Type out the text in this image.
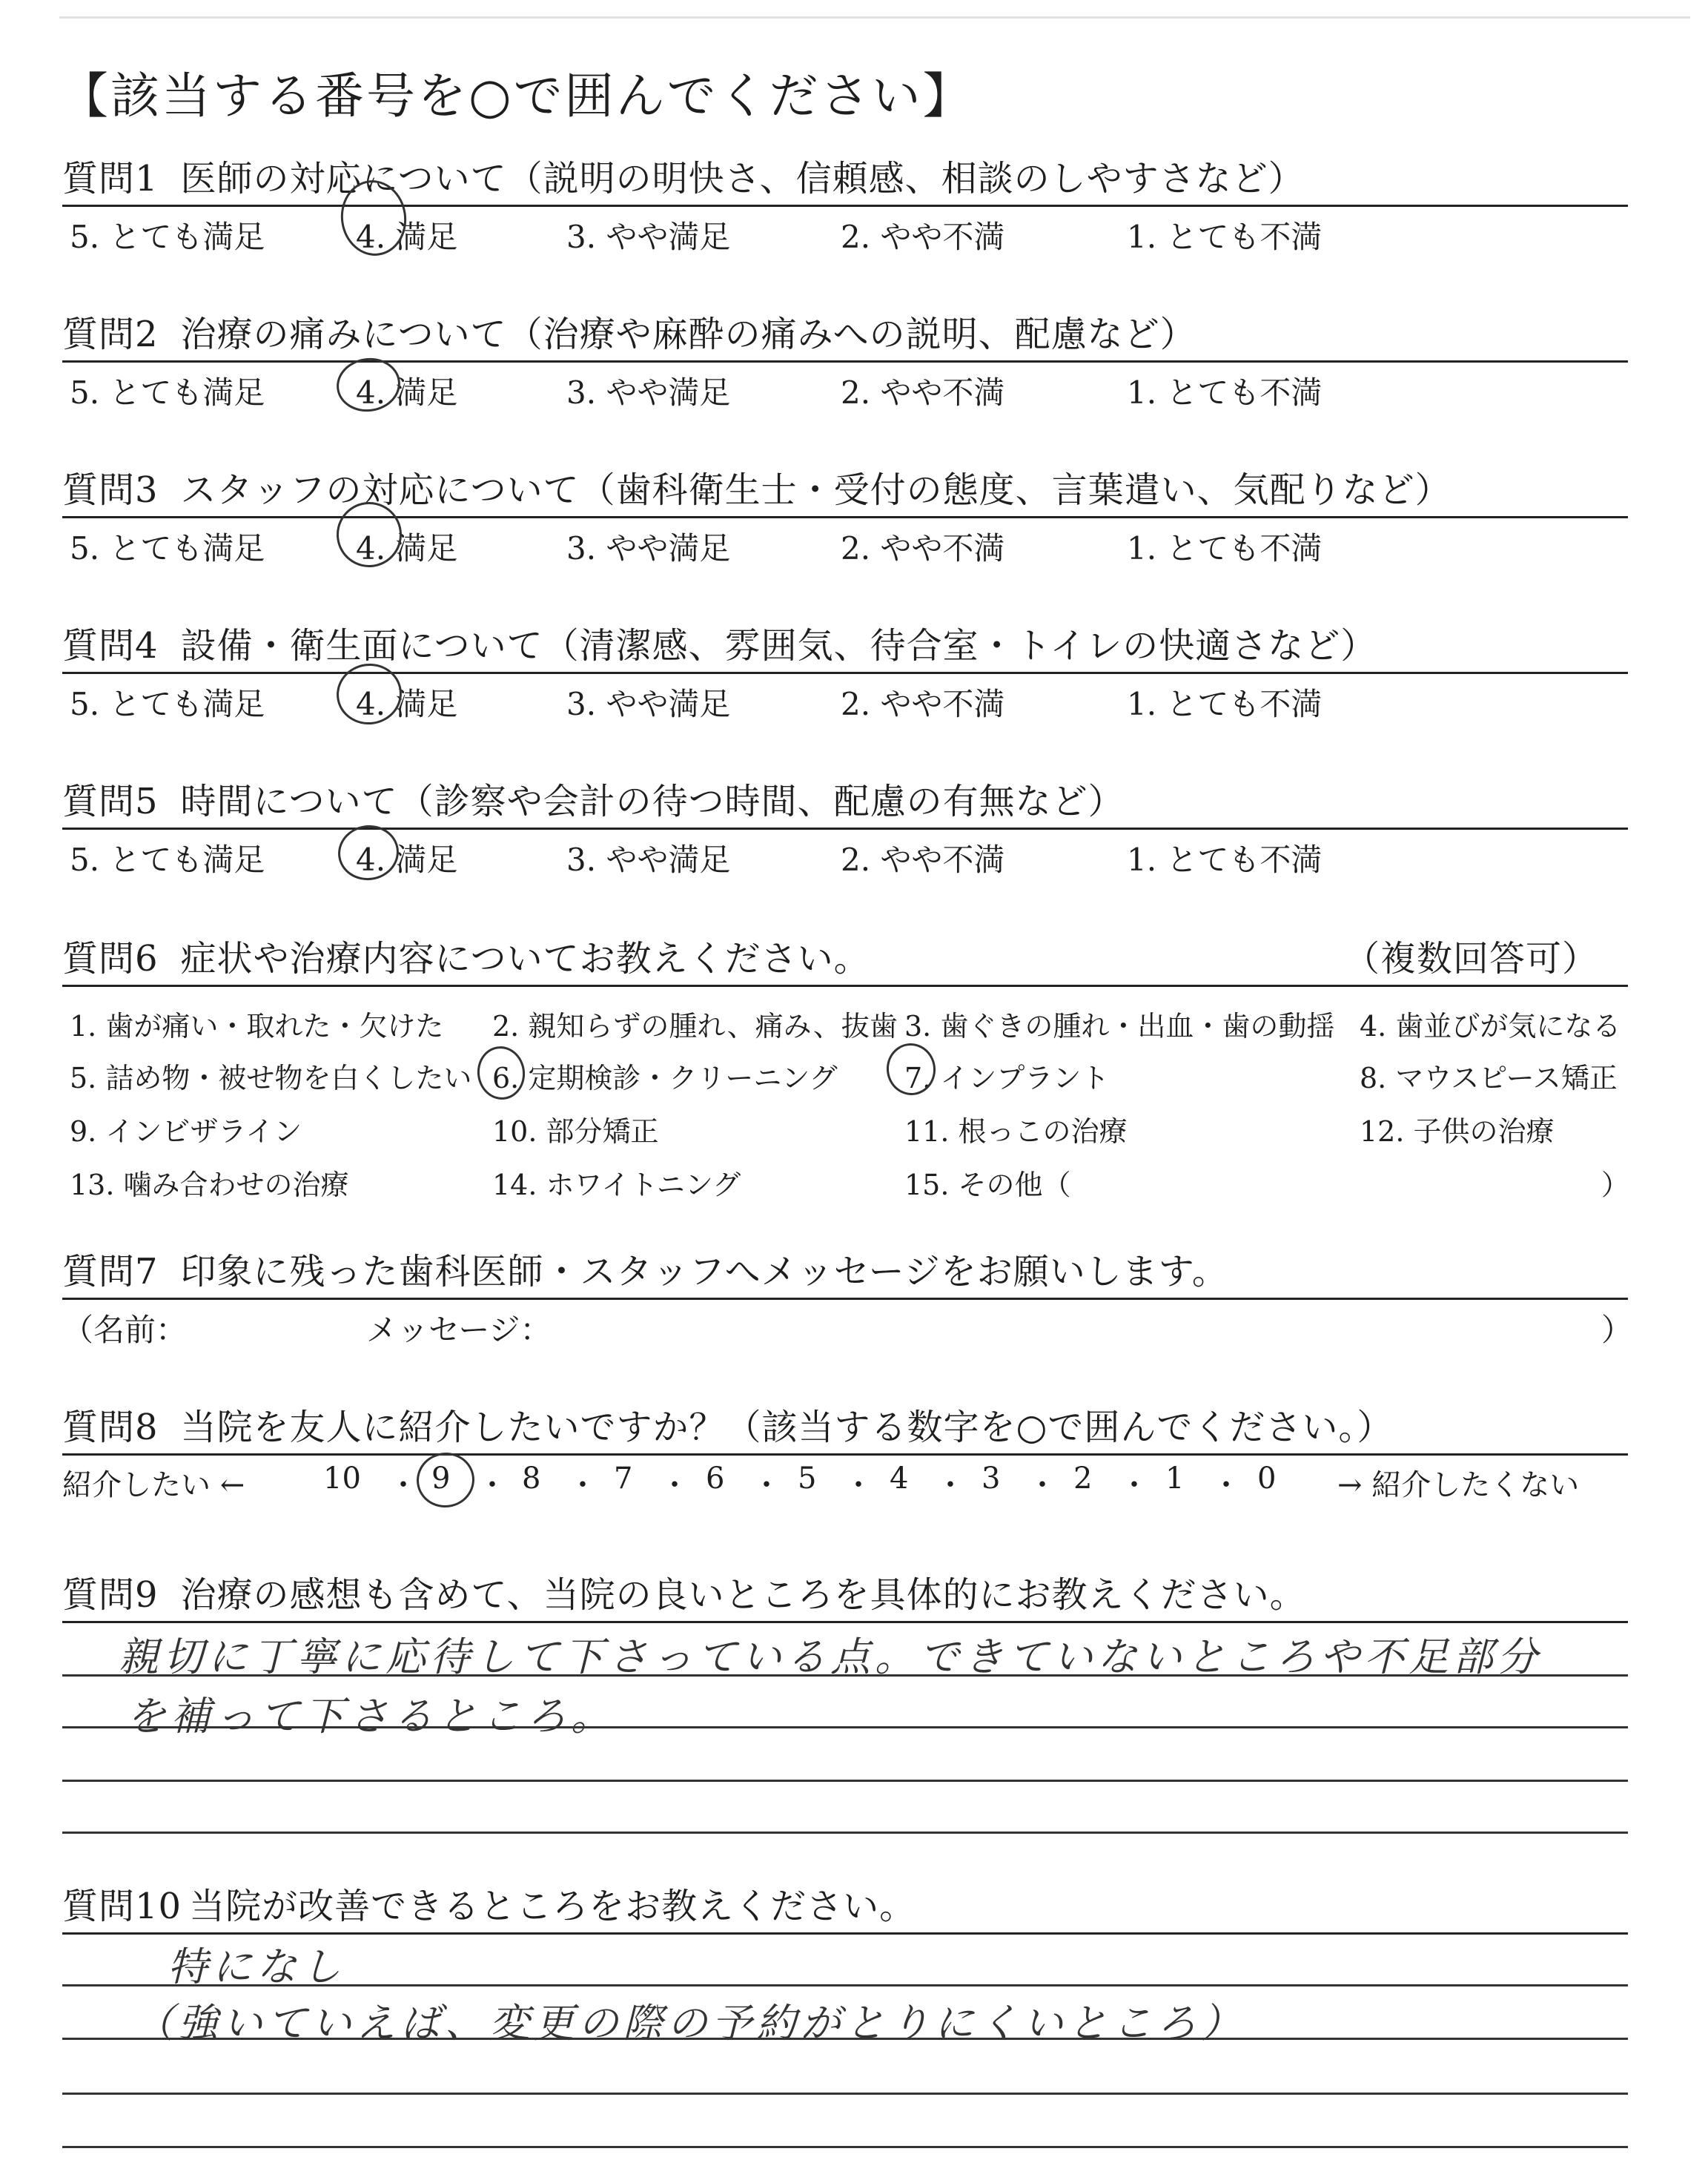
【該当する番号を○で囲んでください】
質問1 医師の対応について（説明の明快さ、信頼感、相談のしやすさなど）
5. とても満足	4. 満足	3. やや満足	2. やや不満	1. とても不満
質問2 治療の痛みについて（治療や麻酔の痛みへの説明、配慮など）
5. とても満足	4. 満足	3. やや満足	2. やや不満	1. とても不満
質問3 スタッフの対応について（歯科衛生士・受付の態度、言葉遣い、気配りなど）
5. とても満足	4. 満足	3. やや満足	2. やや不満	1. とても不満
質問4 設備・衛生面について（清潔感、雰囲気、待合室・トイレの快適さなど）
5. とても満足	4. 満足	3. やや満足	2. やや不満	1. とても不満
質問5 時間について（診察や会計の待つ時間、配慮の有無など）
5. とても満足	4. 満足	3. やや満足	2. やや不満	1. とても不満
質問6 症状や治療内容についてお教えください。	（複数回答可）
1. 歯が痛い・取れた・欠けた 2. 親知らずの腫れ、痛み、抜歯 3. 歯ぐきの腫れ・出血・歯の動揺 4. 歯並びが気になる
5. 詰め物・被せ物を白くしたい 6. 定期検診・クリーニング 7. インプラント	8. マウスピース矯正
9. インビザライン	10. 部分矯正	11. 根っこの治療	12. 子供の治療
13. 噛み合わせの治療	14. ホワイトニング	15. その他（	）
質問7 印象に残った歯科医師・スタッフへメッセージをお願いします。
（名前：	メッセージ：	）
質問8 当院を友人に紹介したいですか？（該当する数字を○で囲んでください。）
紹介したい ←	10 ・ 9 ・ 8 ・ 7 ・ 6 ・ 5 ・ 4 ・ 3 ・ 2 ・ 1 ・ 0 → 紹介したくない
質問9 治療の感想も含めて、当院の良いところを具体的にお教えください。
親切に丁寧に応待して下さっている点。できていないところや不足部分
を補って下さるところ。
質問10 当院が改善できるところをお教えください。
特になし
（強いていえば、変更の際の予約がとりにくいところ）
